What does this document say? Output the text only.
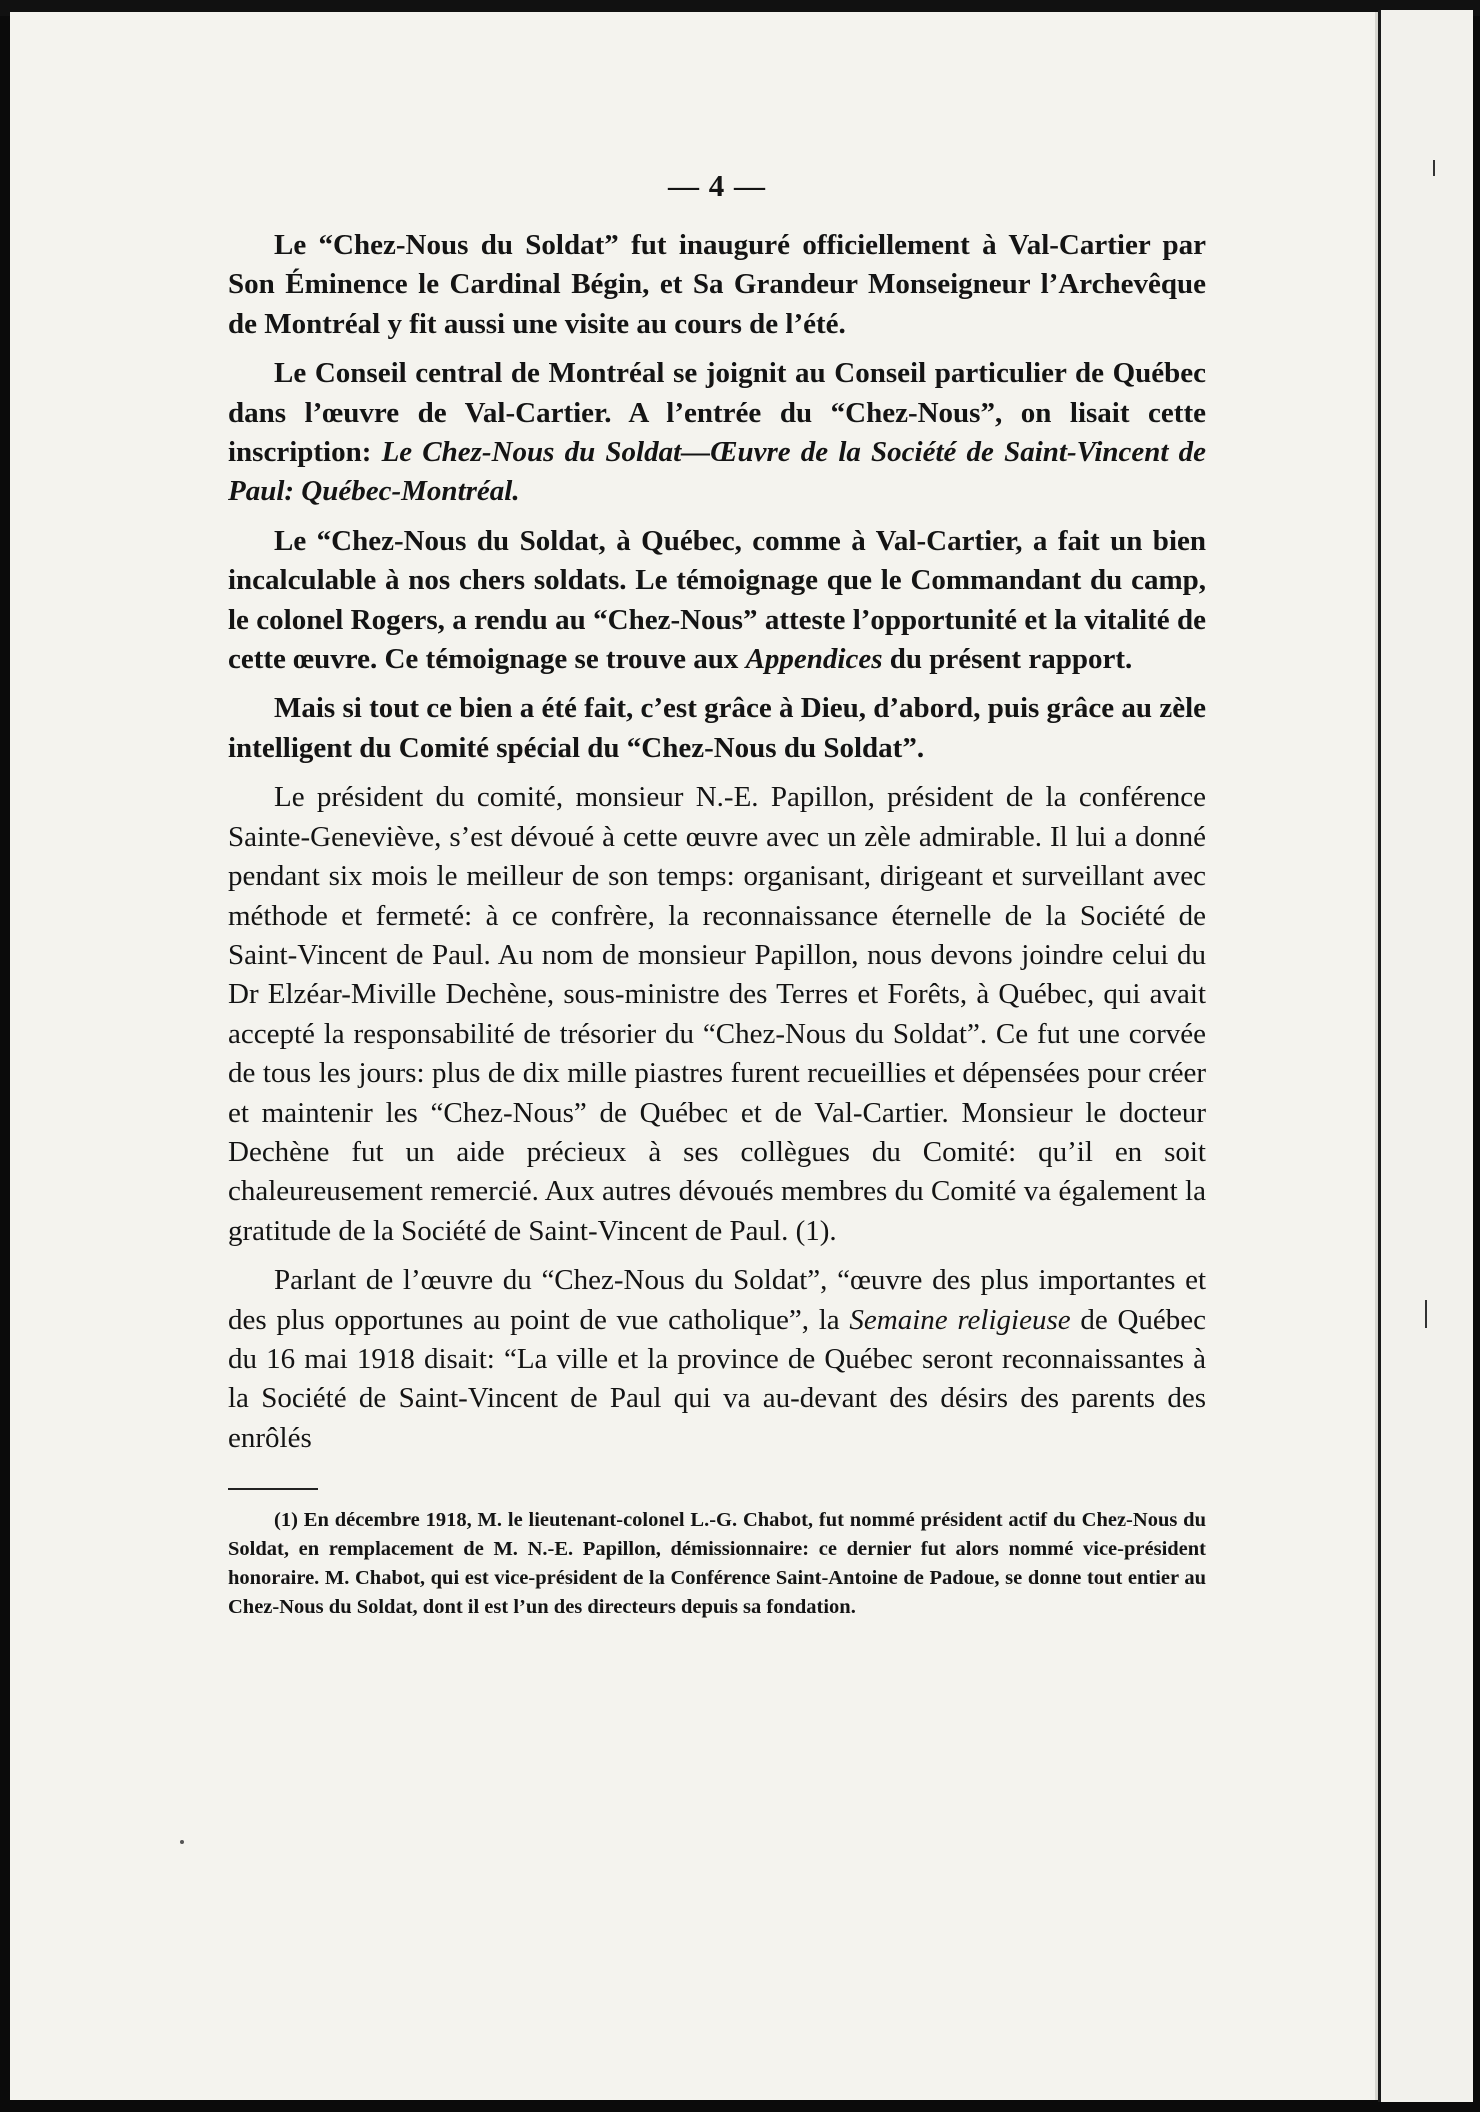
— 4 —

Le “Chez-Nous du Soldat” fut inauguré officiellement à Val-Cartier par Son Éminence le Cardinal Bégin, et Sa Grandeur Monseigneur l’Archevêque de Montréal y fit aussi une visite au cours de l’été.

Le Conseil central de Montréal se joignit au Conseil particulier de Québec dans l’œuvre de Val-Cartier. A l’entrée du “Chez-Nous”, on lisait cette inscription: Le Chez-Nous du Soldat—Œuvre de la Société de Saint-Vincent de Paul: Québec-Montréal.

Le “Chez-Nous du Soldat, à Québec, comme à Val-Cartier, a fait un bien incalculable à nos chers soldats. Le témoignage que le Commandant du camp, le colonel Rogers, a rendu au “Chez-Nous” atteste l’opportunité et la vitalité de cette œuvre. Ce témoignage se trouve aux Appendices du présent rapport.

Mais si tout ce bien a été fait, c’est grâce à Dieu, d’abord, puis grâce au zèle intelligent du Comité spécial du “Chez-Nous du Soldat”.

Le président du comité, monsieur N.-E. Papillon, président de la conférence Sainte-Geneviève, s’est dévoué à cette œuvre avec un zèle admirable. Il lui a donné pendant six mois le meilleur de son temps: organisant, dirigeant et surveillant avec méthode et fermeté: à ce confrère, la reconnaissance éternelle de la Société de Saint-Vincent de Paul. Au nom de monsieur Papillon, nous devons joindre celui du Dr Elzéar-Miville Dechène, sous-ministre des Terres et Forêts, à Québec, qui avait accepté la responsabilité de trésorier du “Chez-Nous du Soldat”. Ce fut une corvée de tous les jours: plus de dix mille piastres furent recueillies et dépensées pour créer et maintenir les “Chez-Nous” de Québec et de Val-Cartier. Monsieur le docteur Dechène fut un aide précieux à ses collègues du Comité: qu’il en soit chaleureusement remercié. Aux autres dévoués membres du Comité va également la gratitude de la Société de Saint-Vincent de Paul. (1).

Parlant de l’œuvre du “Chez-Nous du Soldat”, “œuvre des plus importantes et des plus opportunes au point de vue catholique”, la Semaine religieuse de Québec du 16 mai 1918 disait: “La ville et la province de Québec seront reconnaissantes à la Société de Saint-Vincent de Paul qui va au-devant des désirs des parents des enrôlés

(1) En décembre 1918, M. le lieutenant-colonel L.-G. Chabot, fut nommé président actif du Chez-Nous du Soldat, en remplacement de M. N.-E. Papillon, démissionnaire: ce dernier fut alors nommé vice-président honoraire. M. Chabot, qui est vice-président de la Conférence Saint-Antoine de Padoue, se donne tout entier au Chez-Nous du Soldat, dont il est l’un des directeurs depuis sa fondation.
